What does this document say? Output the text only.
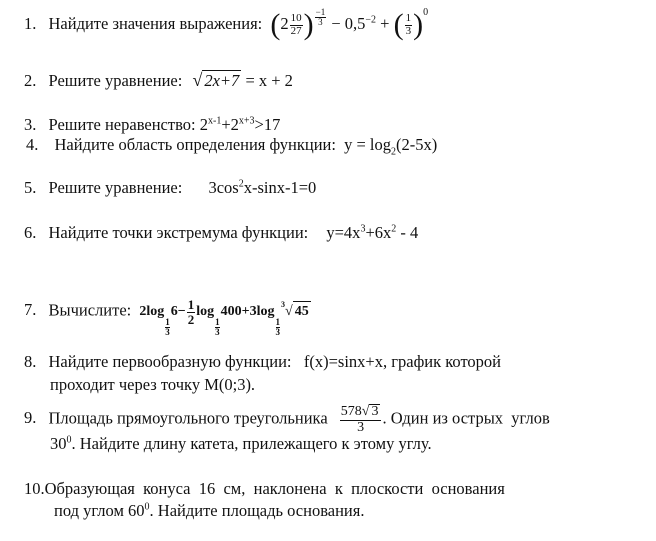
1. Найдите значения выражения: ($2 \frac{10}{27}$ ) $\frac{-1}{3} - 0,5^{-2}$ + ( $\frac{1}{3} )^0$
2. Решите уравнение: √ 2x+7 = x + 2
3. Решите неравенство: $2^{x-1}+2^{x+3}>17$
4. Найдите область определения функции: $y = \log_2(2-5x)$
5. Решите уравнение: $3\cos^2x-\sin x-1=0$
6. Найдите точки экстремума функции: $y=4x^3+6x^2 - 4$
7. Вычислите: 2log
$\frac{1}{3}$
$6- \frac{1}{2}$ log
$\frac{1}{3}$
400+3log
$\frac{1}{3}$
$^3$√ 45
8. Найдите первообразную функции:   f(x)=sinx+x, график которой
проходит через точку M(0;3).
9. Площадь прямоугольного треугольника $\frac{578√ 3}{3}$ . Один из острых  углов
$30^0$. Найдите длину катета, прилежащего к этому углу.
10.Образующая  конуса  16  см,  наклонена  к  плоскости  основания
под углом $60^0$. Найдите площадь основания.
